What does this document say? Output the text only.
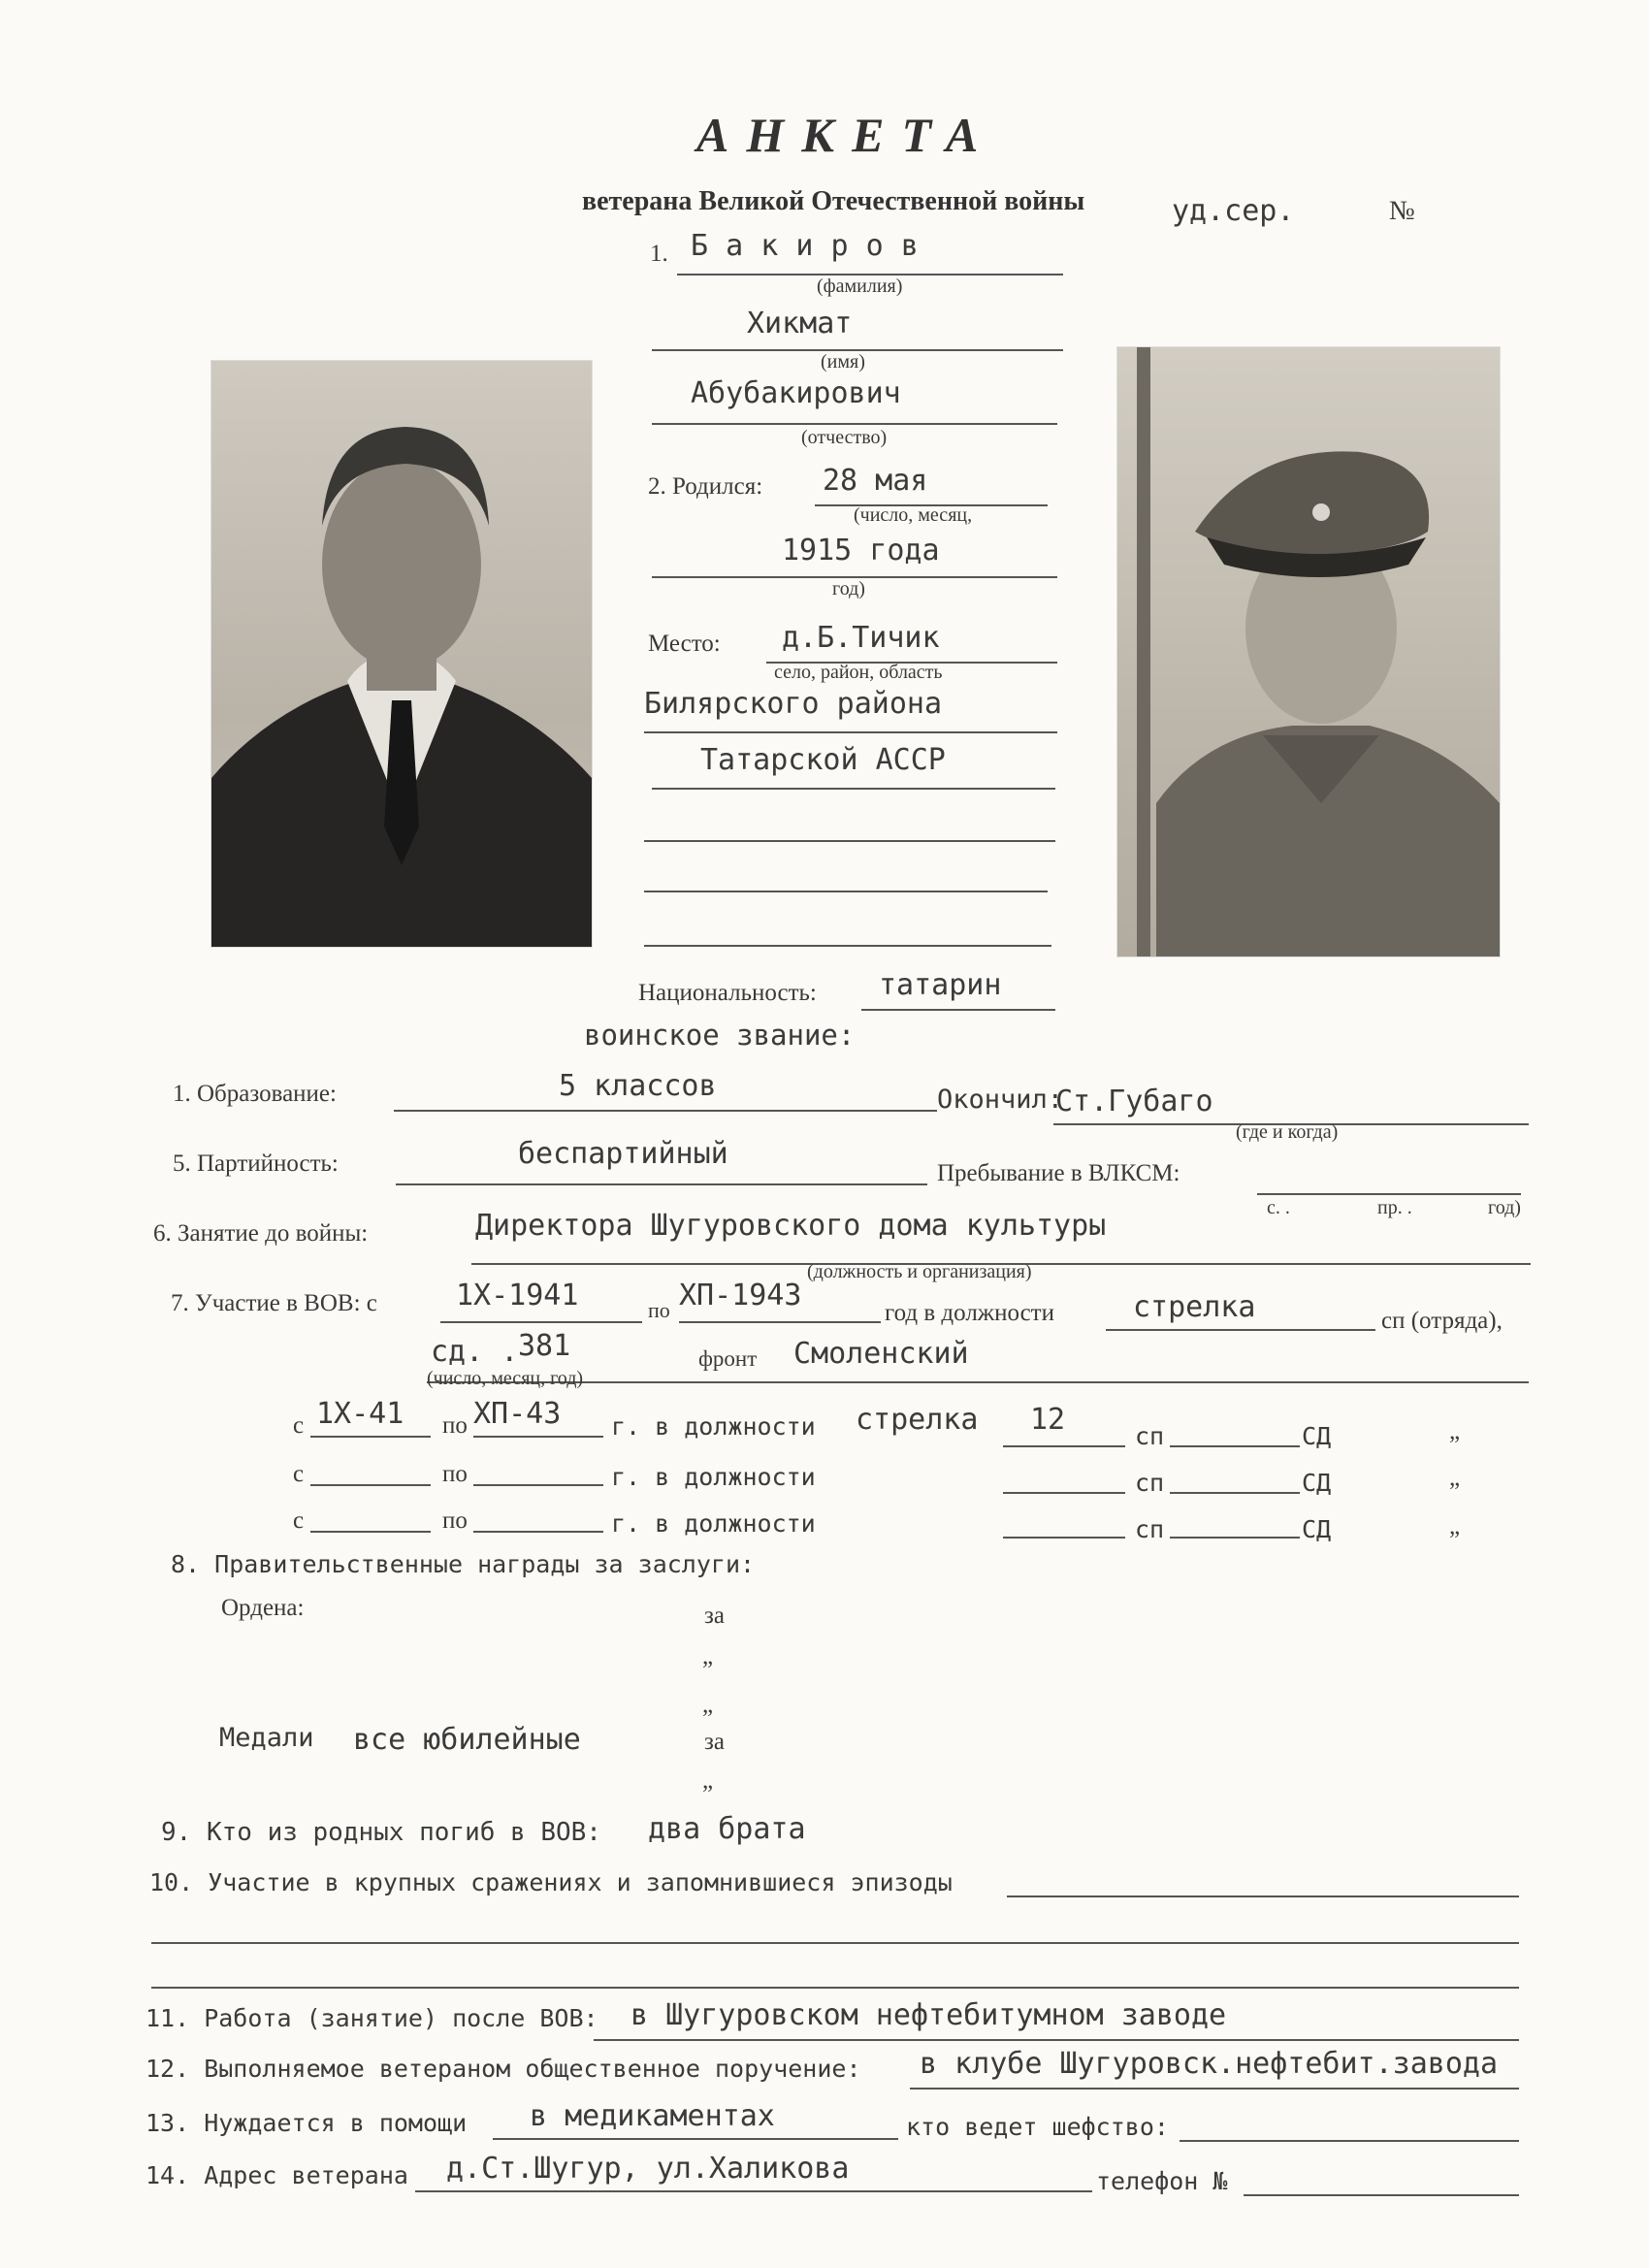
АНКЕТА
ветерана Великой Отечественной войны	уд.сер.	№
1. Б а к и р о в
(фамилия)
Хикмат
(имя)
Абубакирович
(отчество)
2. Родился: 28 мая
(число, месяц,
1915 года
год)
Место: д.Б.Тичик
село, район, область
Билярского района
Татарской АССР
Национальность: татарин
воинское звание:
1. Образование:	5 классов	Окончил:
Ст.Губаго
(где и когда)
5. Партийность:	беспартийный
Пребывание в ВЛКСМ:
с. .	пр. .	год)
6. Занятие до войны:	Директора Шугуровского дома культуры
(должность и организация)
7. Участие в ВОВ: с	1Х-1941	по ХП-1943
год в должности	стрелка	сп (отряда),
сд. . 381	фронт Смоленский
(число, месяц, год)
с 1Х-41 по ХП-43 г. в должности стрелка 12	сп	СД	„
с	по	г. в должности	сп	СД	„
с	по	г. в должности	сп	СД	„
8. Правительственные награды за заслуги:
Ордена:	за
„
„
Медали все юбилейные	за
„
9. Кто из родных погиб в ВОВ: два брата
10. Участие в крупных сражениях и запомнившиеся эпизоды
11. Работа (занятие) после ВОВ: в Шугуровском нефтебитумном заводе
12. Выполняемое ветераном общественное поручение: в клубе Шугуровск.нефтебит.завода
13. Нуждается в помощи в медикаментах	кто ведет шефство:
14. Адрес ветерана д.Ст.Шугур, ул.Халикова	телефон №
